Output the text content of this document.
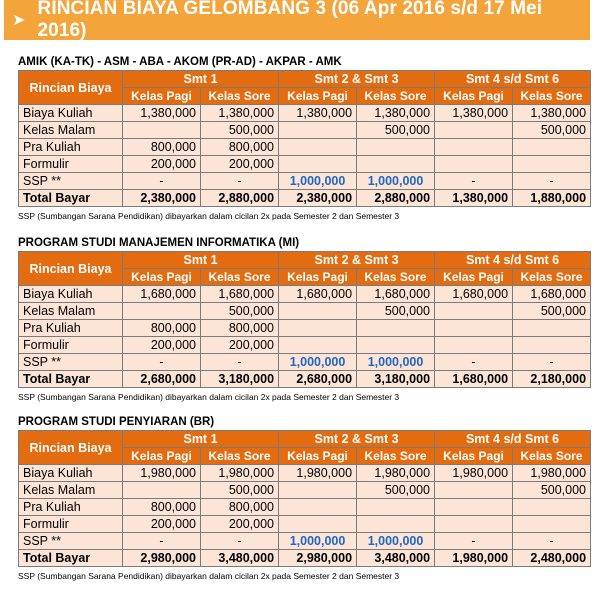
➤
RINCIAN BIAYA GELOMBANG 3 (06 Apr 2016 s/d 17 Mei 2016)
AMIK (KA-TK) - ASM - ABA - AKOM (PR-AD) - AKPAR - AMK
Rincian Biaya	Smt 1		Smt 2 & Smt 3		Smt 4 s/d Smt 6	
	Kelas Pagi	Kelas Sore	Kelas Pagi	Kelas Sore	Kelas Pagi	Kelas Sore
Biaya Kuliah	1,380,000	1,380,000	1,380,000	1,380,000	1,380,000	1,380,000
Kelas Malam		500,000		500,000		500,000
Pra Kuliah	800,000	800,000				
Formulir	200,000	200,000				
SSP **	-	-	1,000,000	1,000,000	-	-
Total Bayar	2,380,000	2,880,000	2,380,000	2,880,000	1,380,000	1,880,000
SSP (Sumbangan Sarana Pendidikan) dibayarkan dalam cicilan 2x pada Semester 2 dan Semester 3
PROGRAM STUDI MANAJEMEN INFORMATIKA (MI)
Rincian Biaya	Smt 1		Smt 2 & Smt 3		Smt 4 s/d Smt 6	
	Kelas Pagi	Kelas Sore	Kelas Pagi	Kelas Sore	Kelas Pagi	Kelas Sore
Biaya Kuliah	1,680,000	1,680,000	1,680,000	1,680,000	1,680,000	1,680,000
Kelas Malam		500,000		500,000		500,000
Pra Kuliah	800,000	800,000				
Formulir	200,000	200,000				
SSP **	-	-	1,000,000	1,000,000	-	-
Total Bayar	2,680,000	3,180,000	2,680,000	3,180,000	1,680,000	2,180,000
SSP (Sumbangan Sarana Pendidikan) dibayarkan dalam cicilan 2x pada Semester 2 dan Semester 3
PROGRAM STUDI PENYIARAN (BR)
Rincian Biaya	Smt 1		Smt 2 & Smt 3		Smt 4 s/d Smt 6	
	Kelas Pagi	Kelas Sore	Kelas Pagi	Kelas Sore	Kelas Pagi	Kelas Sore
Biaya Kuliah	1,980,000	1,980,000	1,980,000	1,980,000	1,980,000	1,980,000
Kelas Malam		500,000		500,000		500,000
Pra Kuliah	800,000	800,000				
Formulir	200,000	200,000				
SSP **	-	-	1,000,000	1,000,000	-	-
Total Bayar	2,980,000	3,480,000	2,980,000	3,480,000	1,980,000	2,480,000
SSP (Sumbangan Sarana Pendidikan) dibayarkan dalam cicilan 2x pada Semester 2 dan Semester 3
